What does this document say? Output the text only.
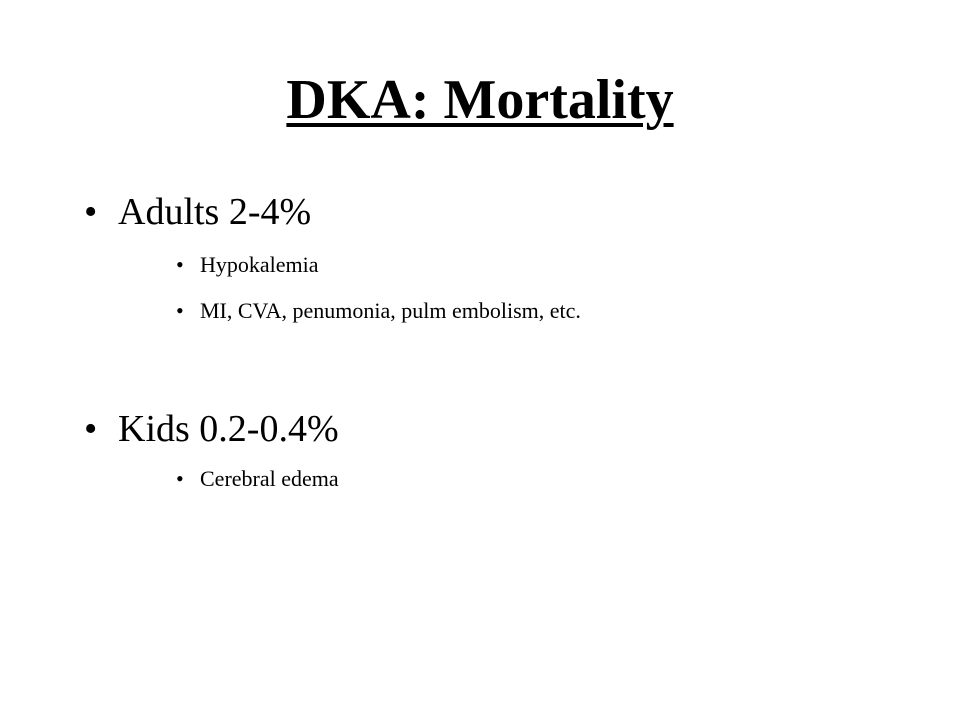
DKA: Mortality
• Adults 2-4%
• Hypokalemia
• MI, CVA, penumonia, pulm embolism, etc.
• Kids 0.2-0.4%
• Cerebral edema
